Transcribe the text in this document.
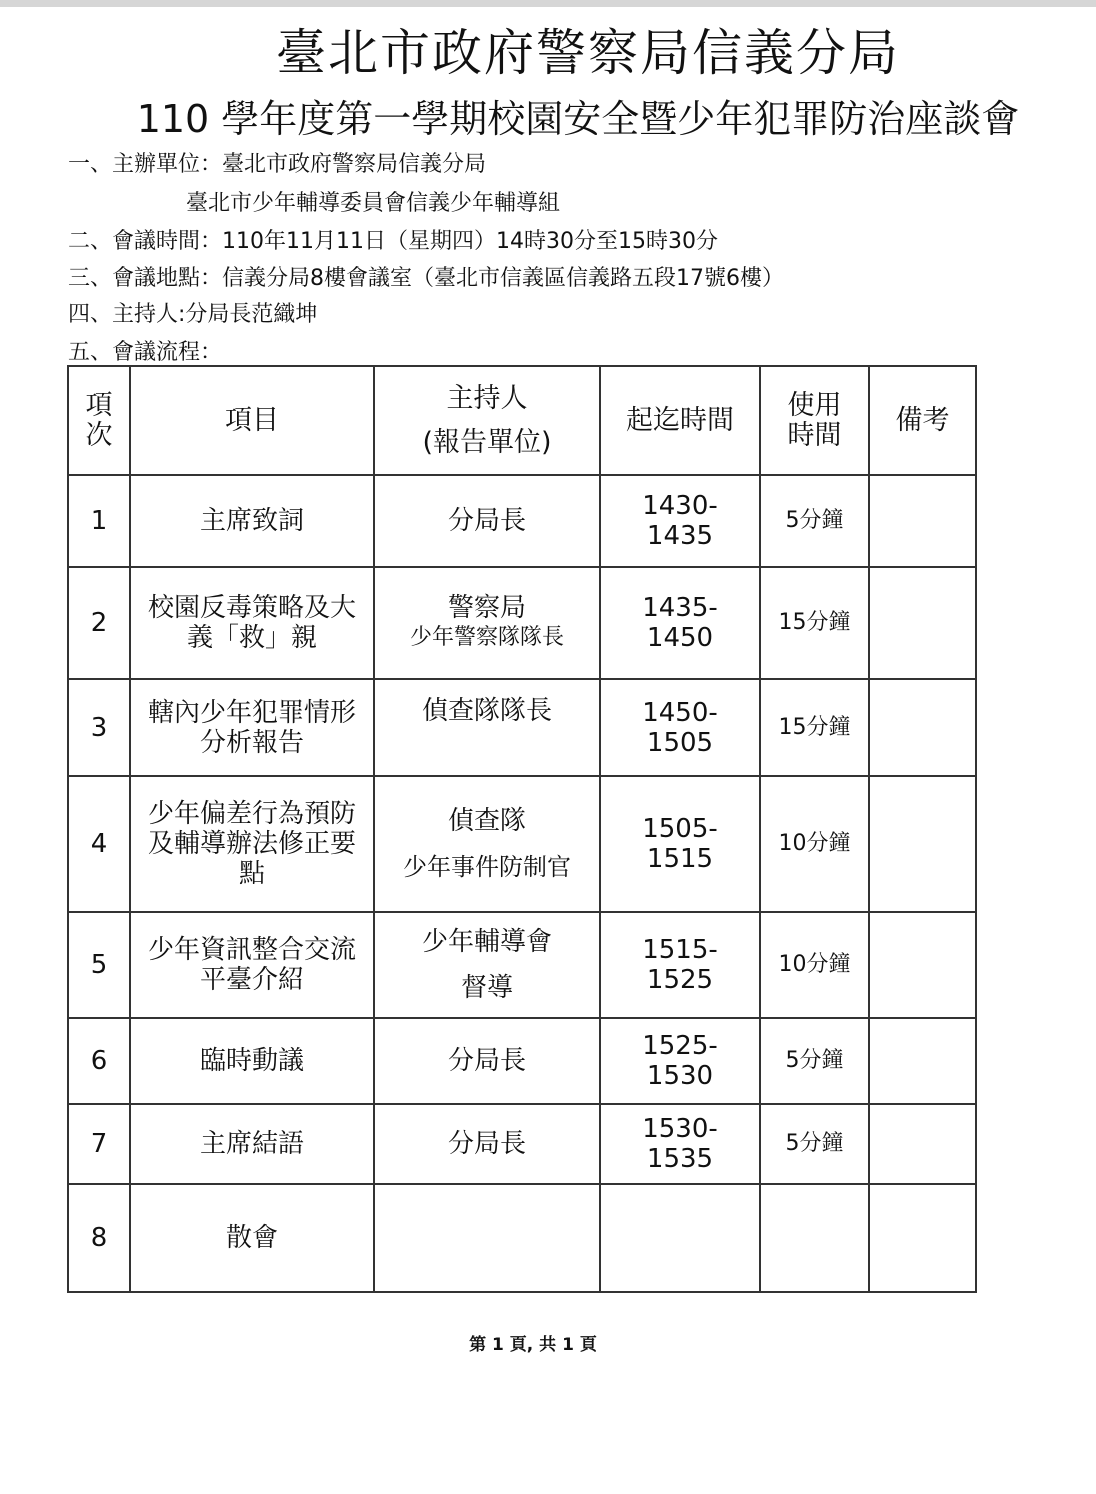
臺北市政府警察局信義分局
110 學年度第一學期校園安全暨少年犯罪防治座談會
一、主辦單位：臺北市政府警察局信義分局
臺北市少年輔導委員會信義少年輔導組
二、會議時間：110年11月11日（星期四）14時30分至15時30分
三、會議地點：信義分局8樓會議室（臺北市信義區信義路五段17號6樓）
四、主持人:分局長范織坤
五、會議流程：
項次	項目	主持人
(報告單位)	起迄時間	使用時間	備考
1	主席致詞	分局長	1430-1435	5分鐘	
2	校園反毒策略及大義「救」親	警察局
少年警察隊隊長	1435-1450	15分鐘	
3	轄內少年犯罪情形分析報告	偵查隊隊長	1450-1505	15分鐘	
4	少年偏差行為預防及輔導辦法修正要點	偵查隊
少年事件防制官	1505-1515	10分鐘	
5	少年資訊整合交流平臺介紹	少年輔導會
督導	1515-1525	10分鐘	
6	臨時動議	分局長	1525-1530	5分鐘	
7	主席結語	分局長	1530-1535	5分鐘	
8	散會				
第 1 頁, 共 1 頁
